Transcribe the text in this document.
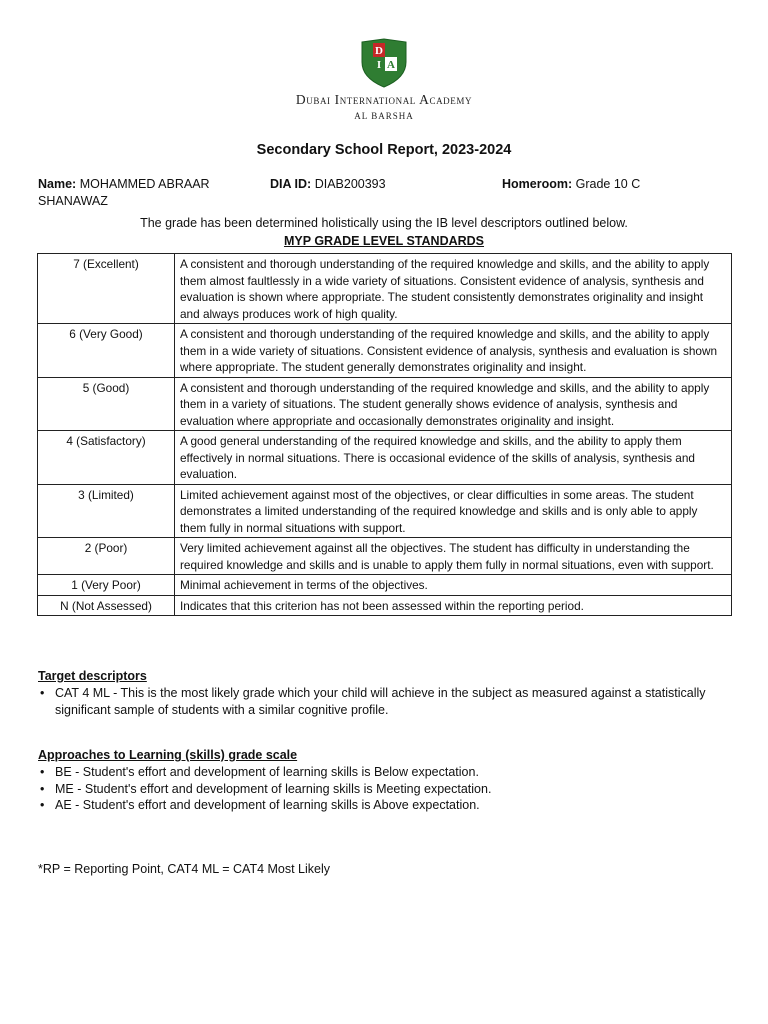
D
I A
Dubai International Academy
AL BARSHA
Secondary School Report, 2023-2024
Name: MOHAMMED ABRAAR SHANAWAZ
DIA ID: DIAB200393	Homeroom: Grade 10 C
The grade has been determined holistically using the IB level descriptors outlined below.
MYP GRADE LEVEL STANDARDS
7 (Excellent)	A consistent and thorough understanding of the required knowledge and skills, and the ability to apply them almost faultlessly in a wide variety of situations. Consistent evidence of analysis, synthesis and evaluation is shown where appropriate. The student consistently demonstrates originality and insight and always produces work of high quality.
6 (Very Good)	A consistent and thorough understanding of the required knowledge and skills, and the ability to apply them in a wide variety of situations. Consistent evidence of analysis, synthesis and evaluation is shown where appropriate. The student generally demonstrates originality and insight.
5 (Good)	A consistent and thorough understanding of the required knowledge and skills, and the ability to apply them in a variety of situations. The student generally shows evidence of analysis, synthesis and evaluation where appropriate and occasionally demonstrates originality and insight.
4 (Satisfactory)	A good general understanding of the required knowledge and skills, and the ability to apply them effectively in normal situations. There is occasional evidence of the skills of analysis, synthesis and evaluation.
3 (Limited)	Limited achievement against most of the objectives, or clear difficulties in some areas. The student demonstrates a limited understanding of the required knowledge and skills and is only able to apply them fully in normal situations with support.
2 (Poor)	Very limited achievement against all the objectives. The student has difficulty in understanding the required knowledge and skills and is unable to apply them fully in normal situations, even with support.
1 (Very Poor)	Minimal achievement in terms of the objectives.
N (Not Assessed)	Indicates that this criterion has not been assessed within the reporting period.
Target descriptors
• CAT 4 ML - This is the most likely grade which your child will achieve in the subject as measured against a statistically significant sample of students with a similar cognitive profile.
Approaches to Learning (skills) grade scale
• BE - Student's effort and development of learning skills is Below expectation.
• ME - Student's effort and development of learning skills is Meeting expectation.
• AE - Student's effort and development of learning skills is Above expectation.
*RP = Reporting Point, CAT4 ML = CAT4 Most Likely
